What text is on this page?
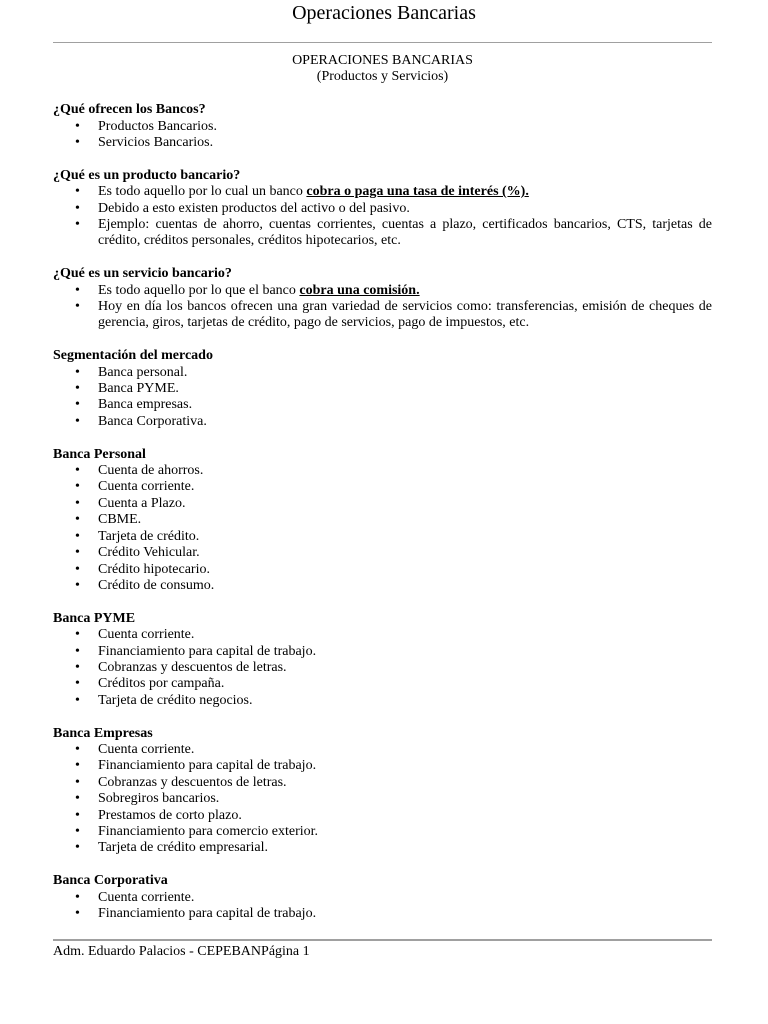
Operaciones Bancarias

OPERACIONES BANCARIAS

(Productos y Servicios)

¿Qué ofrecen los Bancos?

• Productos Bancarios.
• Servicios Bancarios.

¿Qué es un producto bancario?

• Es todo aquello por lo cual un banco cobra o paga una tasa de interés (%).
• Debido a esto existen productos del activo o del pasivo.
• Ejemplo: cuentas de ahorro, cuentas corrientes, cuentas a plazo, certificados bancarios, CTS, tarjetas de crédito, créditos personales, créditos hipotecarios, etc.

¿Qué es un servicio bancario?

• Es todo aquello por lo que el banco cobra una comisión.
• Hoy en día los bancos ofrecen una gran variedad de servicios como: transferencias, emisión de cheques de gerencia, giros, tarjetas de crédito, pago de servicios, pago de impuestos, etc.

Segmentación del mercado

• Banca personal.
• Banca PYME.
• Banca empresas.
• Banca Corporativa.

Banca Personal

• Cuenta de ahorros.
• Cuenta corriente.
• Cuenta a Plazo.
• CBME.
• Tarjeta de crédito.
• Crédito Vehicular.
• Crédito hipotecario.
• Crédito de consumo.

Banca PYME

• Cuenta corriente.
• Financiamiento para capital de trabajo.
• Cobranzas y descuentos de letras.
• Créditos por campaña.
• Tarjeta de crédito negocios.

Banca Empresas

• Cuenta corriente.
• Financiamiento para capital de trabajo.
• Cobranzas y descuentos de letras.
• Sobregiros bancarios.
• Prestamos de corto plazo.
• Financiamiento para comercio exterior.
• Tarjeta de crédito empresarial.

Banca Corporativa

• Cuenta corriente.
• Financiamiento para capital de trabajo.
Adm. Eduardo Palacios - CEPEBANPágina 1
